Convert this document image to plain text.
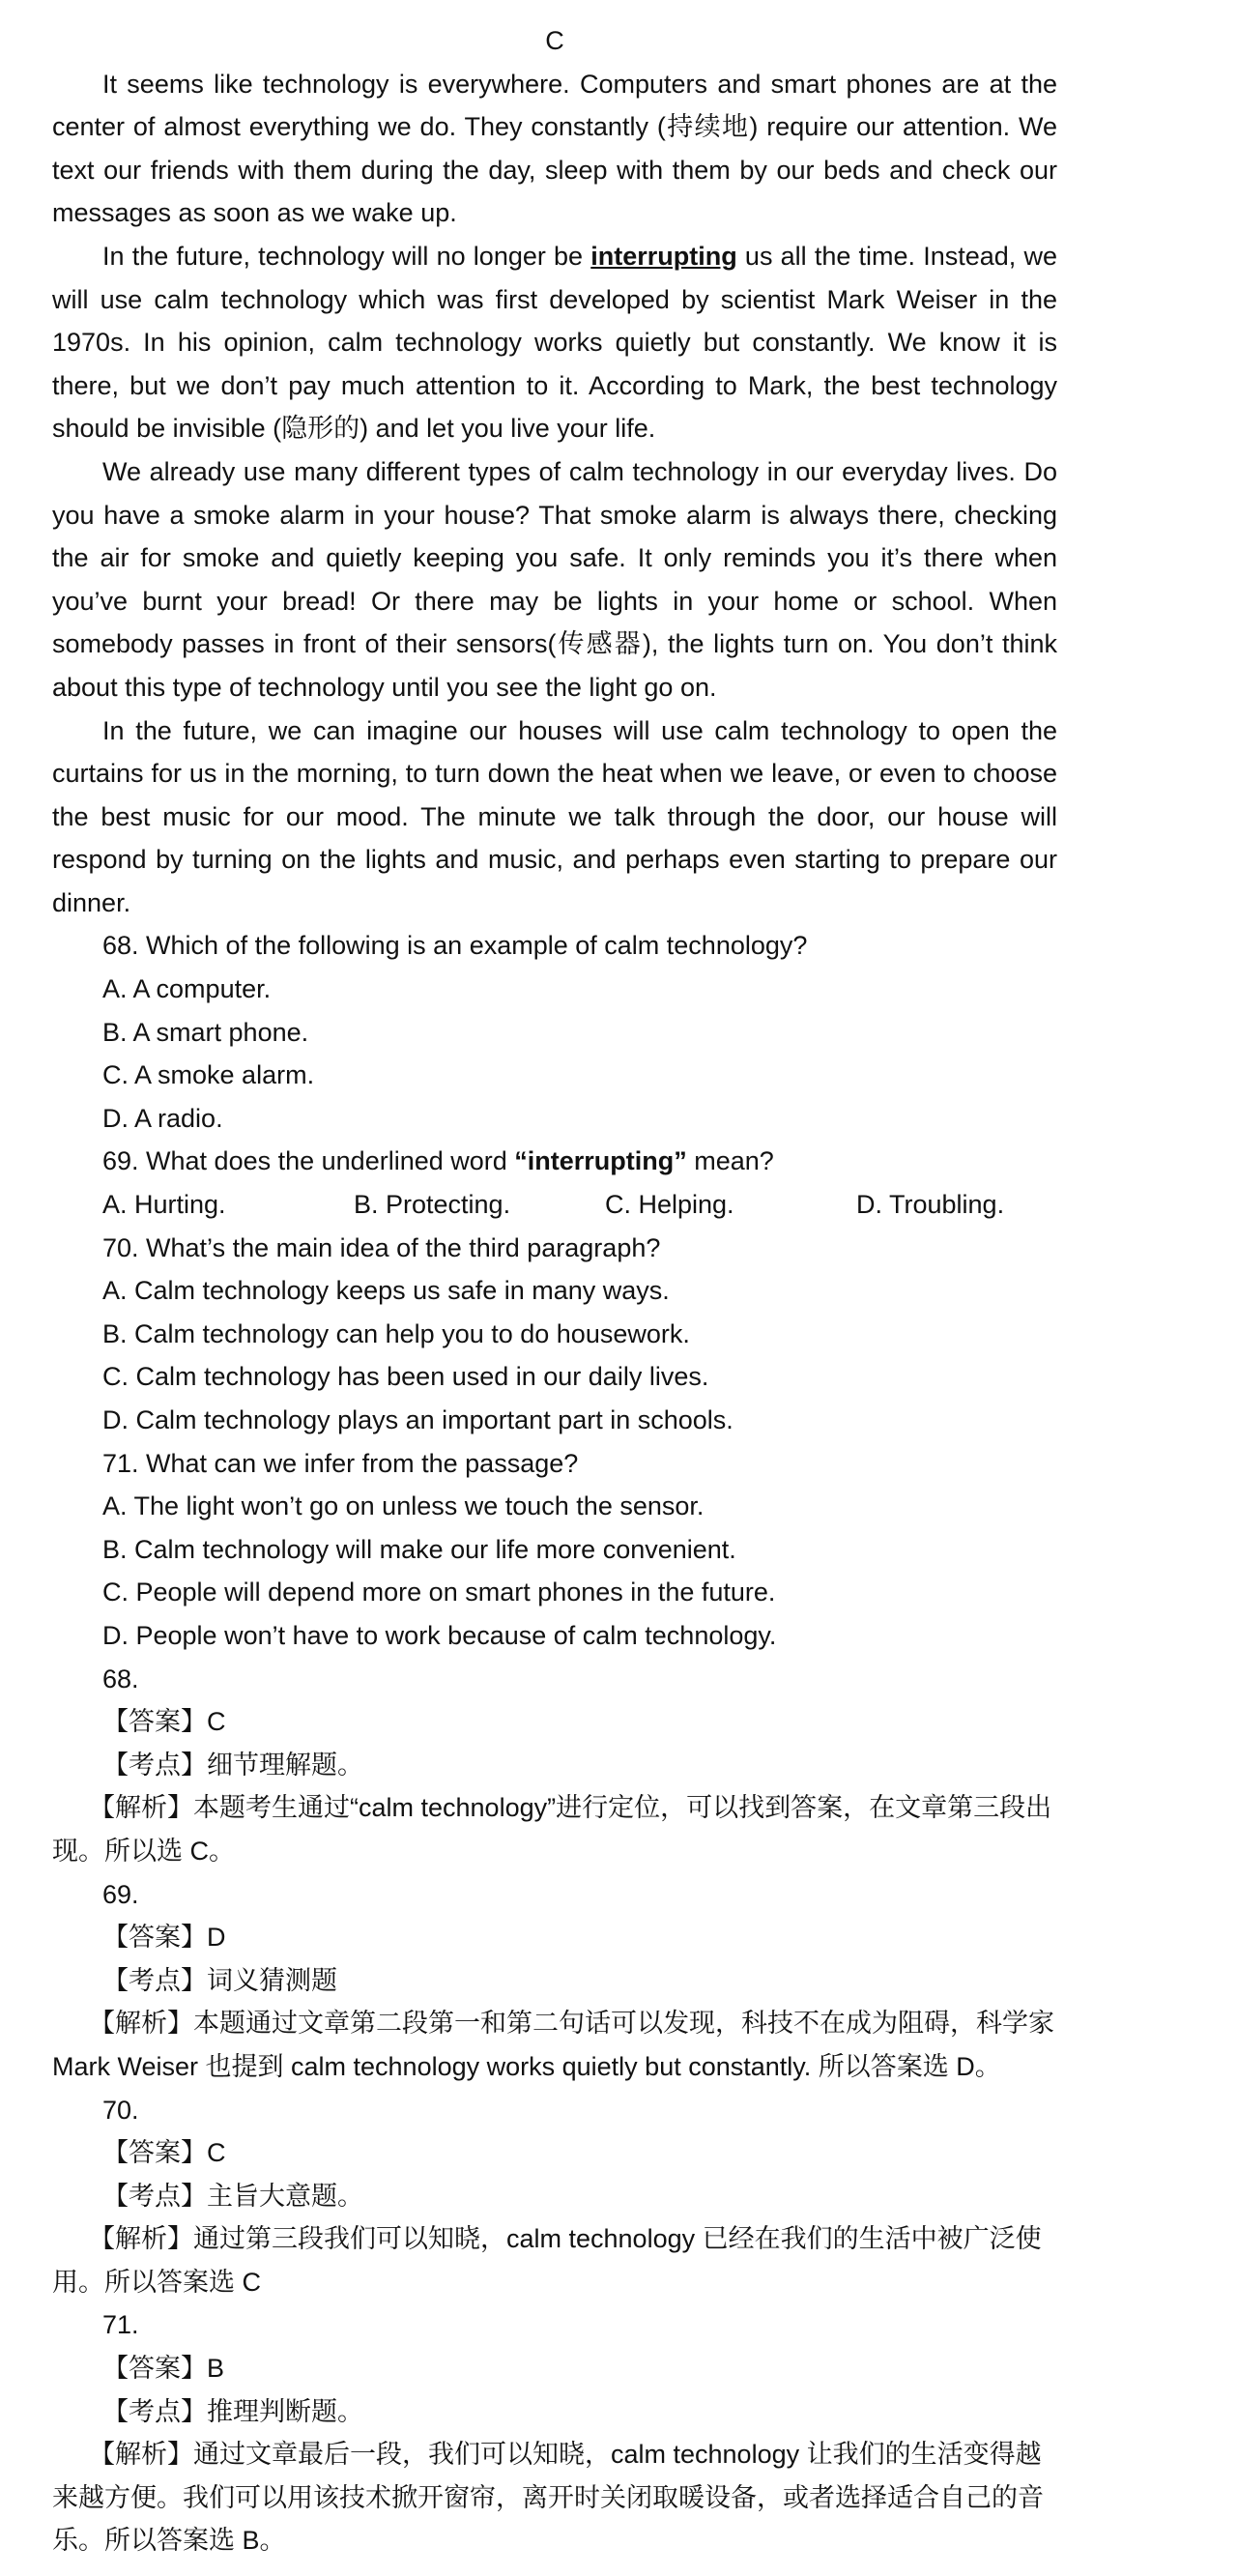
C

It seems like technology is everywhere. Computers and smart phones are at the center of almost everything we do. They constantly (持续地) require our attention. We text our friends with them during the day, sleep with them by our beds and check our messages as soon as we wake up.

In the future, technology will no longer be interrupting us all the time. Instead, we will use calm technology which was first developed by scientist Mark Weiser in the 1970s. In his opinion, calm technology works quietly but constantly. We know it is there, but we don’t pay much attention to it. According to Mark, the best technology should be invisible (隐形的) and let you live your life.

We already use many different types of calm technology in our everyday lives. Do you have a smoke alarm in your house? That smoke alarm is always there, checking the air for smoke and quietly keeping you safe. It only reminds you it’s there when you’ve burnt your bread! Or there may be lights in your home or school. When somebody passes in front of their sensors(传感器), the lights turn on. You don’t think about this type of technology until you see the light go on.

In the future, we can imagine our houses will use calm technology to open the curtains for us in the morning, to turn down the heat when we leave, or even to choose the best music for our mood. The minute we talk through the door, our house will respond by turning on the lights and music, and perhaps even starting to prepare our dinner.

68. Which of the following is an example of calm technology?

A. A computer.

B. A smart phone.

C. A smoke alarm.

D. A radio.

69. What does the underlined word “interrupting” mean?

A. Hurting.	B. Protecting.	C. Helping.	D. Troubling.

70. What’s the main idea of the third paragraph?

A. Calm technology keeps us safe in many ways.

B. Calm technology can help you to do housework.

C. Calm technology has been used in our daily lives.

D. Calm technology plays an important part in schools.

71. What can we infer from the passage?

A. The light won’t go on unless we touch the sensor.

B. Calm technology will make our life more convenient.

C. People will depend more on smart phones in the future.

D. People won’t have to work because of calm technology.

68.

【答案】C

【考点】细节理解题。

【解析】本题考生通过“calm technology”进行定位，可以找到答案，在文章第三段出现。所以选 C。

69.

【答案】D

【考点】词义猜测题

【解析】本题通过文章第二段第一和第二句话可以发现，科技不在成为阻碍，科学家 Mark Weiser 也提到 calm technology works quietly but constantly. 所以答案选 D。

70.

【答案】C

【考点】主旨大意题。

【解析】通过第三段我们可以知晓，calm technology 已经在我们的生活中被广泛使用。所以答案选 C

71.

【答案】B

【考点】推理判断题。

【解析】通过文章最后一段，我们可以知晓，calm technology 让我们的生活变得越来越方便。我们可以用该技术掀开窗帘，离开时关闭取暖设备，或者选择适合自己的音乐。所以答案选 B。
